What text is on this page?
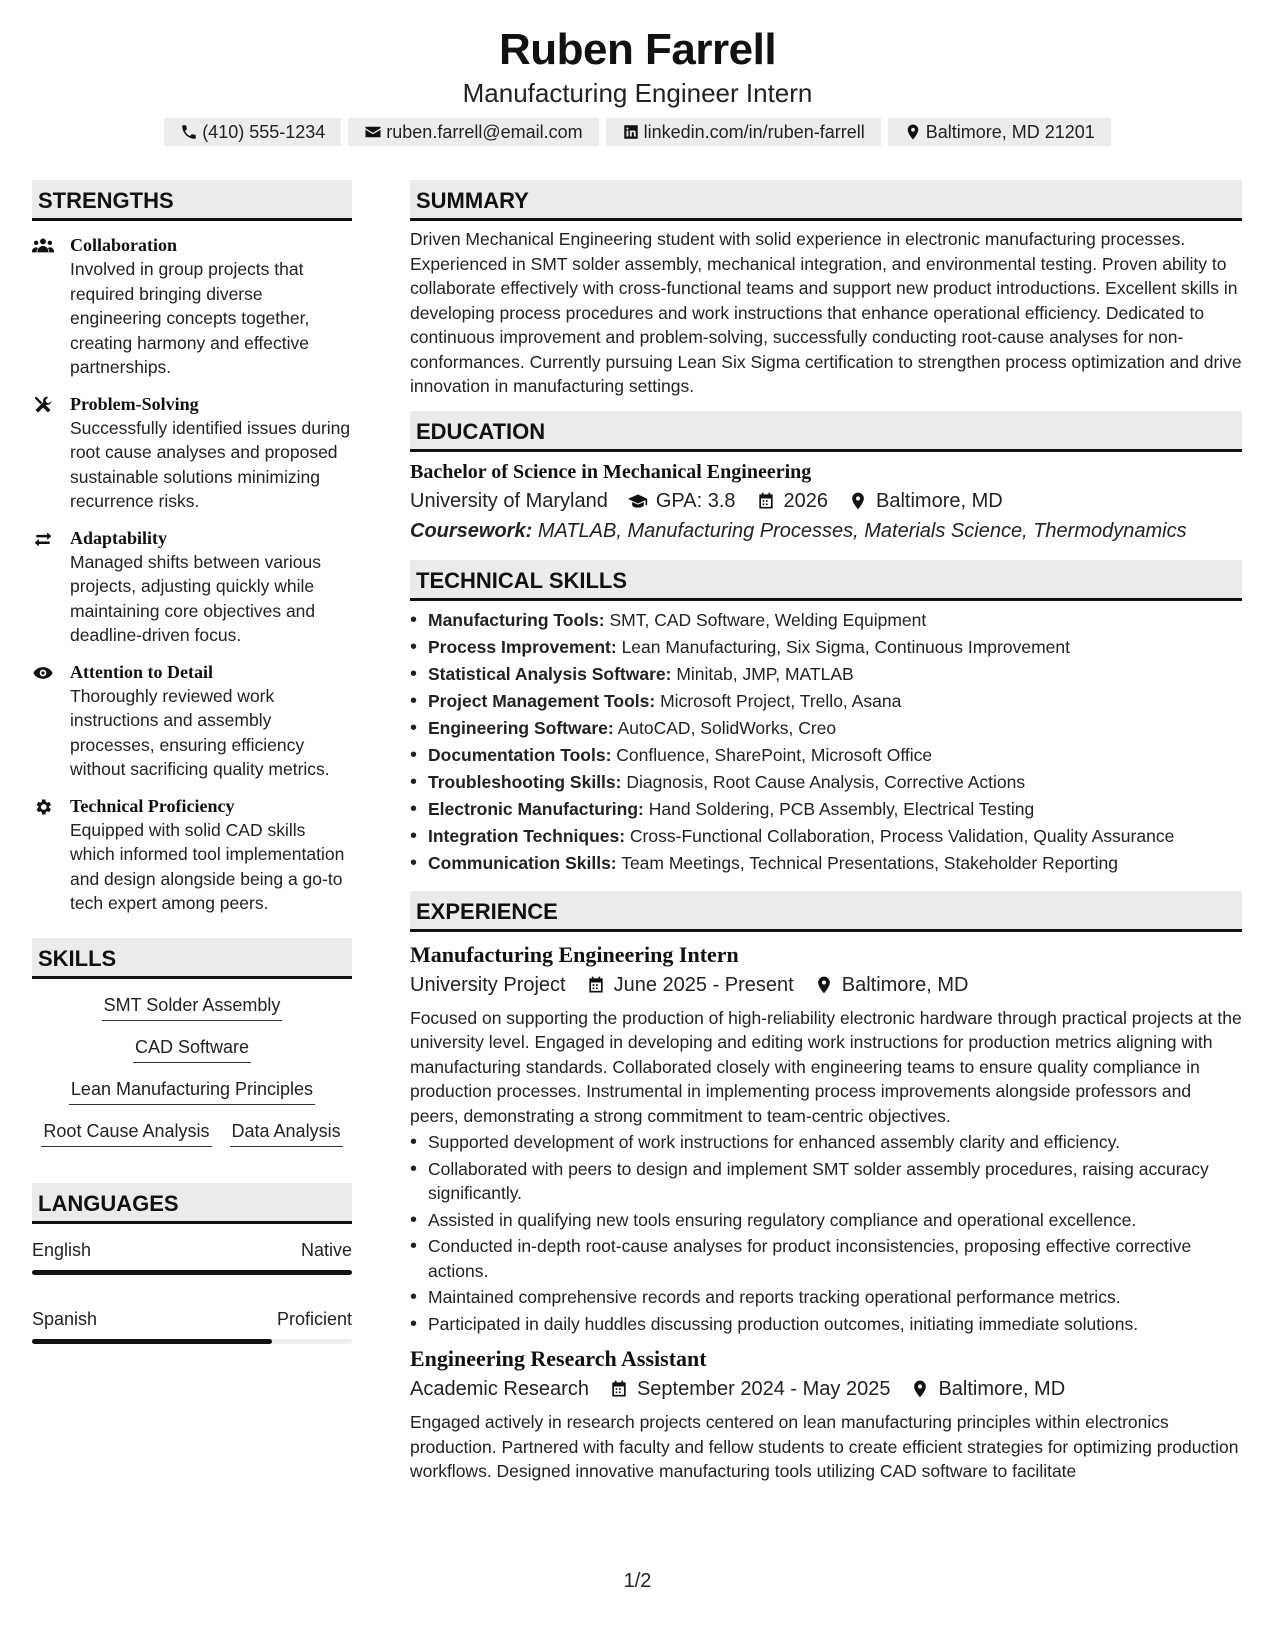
Ruben Farrell
Manufacturing Engineer Intern
(410) 555-1234	ruben.farrell@email.com	linkedin.com/in/ruben-farrell	Baltimore, MD 21201
STRENGTHS
Collaboration
Involved in group projects that required bringing diverse engineering concepts together, creating harmony and effective partnerships.
Problem-Solving
Successfully identified issues during root cause analyses and proposed sustainable solutions minimizing recurrence risks.
Adaptability
Managed shifts between various projects, adjusting quickly while maintaining core objectives and deadline-driven focus.
Attention to Detail
Thoroughly reviewed work instructions and assembly processes, ensuring efficiency without sacrificing quality metrics.
Technical Proficiency
Equipped with solid CAD skills which informed tool implementation and design alongside being a go-to tech expert among peers.
SKILLS
SMT Solder Assembly
CAD Software
Lean Manufacturing Principles
Root Cause Analysis Data Analysis
LANGUAGES
English	Native
Spanish	Proficient
SUMMARY
Driven Mechanical Engineering student with solid experience in electronic manufacturing processes. Experienced in SMT solder assembly, mechanical integration, and environmental testing. Proven ability to collaborate effectively with cross-functional teams and support new product introductions. Excellent skills in developing process procedures and work instructions that enhance operational efficiency. Dedicated to continuous improvement and problem-solving, successfully conducting root-cause analyses for non-conformances. Currently pursuing Lean Six Sigma certification to strengthen process optimization and drive innovation in manufacturing settings.
EDUCATION
Bachelor of Science in Mechanical Engineering
University of Maryland GPA: 3.8 2026 Baltimore, MD
Coursework: MATLAB, Manufacturing Processes, Materials Science, Thermodynamics
TECHNICAL SKILLS
• Manufacturing Tools: SMT, CAD Software, Welding Equipment
• Process Improvement: Lean Manufacturing, Six Sigma, Continuous Improvement
• Statistical Analysis Software: Minitab, JMP, MATLAB
• Project Management Tools: Microsoft Project, Trello, Asana
• Engineering Software: AutoCAD, SolidWorks, Creo
• Documentation Tools: Confluence, SharePoint, Microsoft Office
• Troubleshooting Skills: Diagnosis, Root Cause Analysis, Corrective Actions
• Electronic Manufacturing: Hand Soldering, PCB Assembly, Electrical Testing
• Integration Techniques: Cross-Functional Collaboration, Process Validation, Quality Assurance
• Communication Skills: Team Meetings, Technical Presentations, Stakeholder Reporting
EXPERIENCE
Manufacturing Engineering Intern
University Project June 2025 - Present Baltimore, MD
Focused on supporting the production of high-reliability electronic hardware through practical projects at the university level. Engaged in developing and editing work instructions for production metrics aligning with manufacturing standards. Collaborated closely with engineering teams to ensure quality compliance in production processes. Instrumental in implementing process improvements alongside professors and peers, demonstrating a strong commitment to team-centric objectives.
• Supported development of work instructions for enhanced assembly clarity and efficiency.
• Collaborated with peers to design and implement SMT solder assembly procedures, raising accuracy significantly.
• Assisted in qualifying new tools ensuring regulatory compliance and operational excellence.
• Conducted in-depth root-cause analyses for product inconsistencies, proposing effective corrective actions.
• Maintained comprehensive records and reports tracking operational performance metrics.
• Participated in daily huddles discussing production outcomes, initiating immediate solutions.
Engineering Research Assistant
Academic Research September 2024 - May 2025 Baltimore, MD
Engaged actively in research projects centered on lean manufacturing principles within electronics production. Partnered with faculty and fellow students to create efficient strategies for optimizing production workflows. Designed innovative manufacturing tools utilizing CAD software to facilitate
1/2
